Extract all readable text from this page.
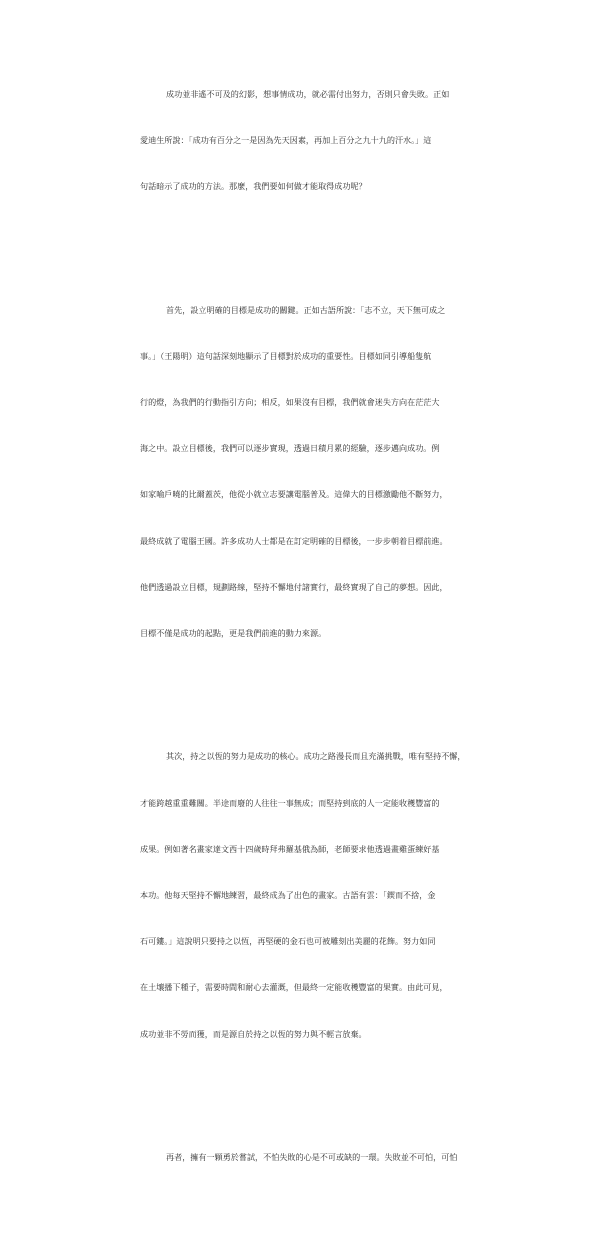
成功並非遙不可及的幻影，想事情成功，就必需付出努力，否則只會失敗。正如

愛迪生所說：「成功有百分之一是因為先天因素，再加上百分之九十九的汗水。」這

句話暗示了成功的方法。那麼，我們要如何做才能取得成功呢？

首先，設立明確的目標是成功的關鍵。正如古語所說：「志不立，天下無可成之

事。」（王陽明）這句話深刻地顯示了目標對於成功的重要性。目標如同引導船隻航

行的燈，為我們的行動指引方向；相反，如果沒有目標，我們就會迷失方向在茫茫大

海之中。設立目標後，我們可以逐步實現，透過日積月累的經驗，逐步邁向成功。例

如家喻戶曉的比爾蓋茨，他從小就立志要讓電腦普及。這偉大的目標激勵他不斷努力，

最終成就了電腦王國。許多成功人士都是在訂定明確的目標後，一步步朝着目標前進。

他們透過設立目標，規劃路線，堅持不懈地付諸實行，最終實現了自己的夢想。因此，

目標不僅是成功的起點，更是我們前進的動力來源。

其次，持之以恆的努力是成功的核心。成功之路漫長而且充滿挑戰，唯有堅持不懈，

才能跨越重重難關。半途而廢的人往往一事無成；而堅持到底的人一定能收穫豐富的

成果。例如著名畫家達文西十四歲時拜弗羅基俄為師，老師要求他透過畫雞蛋練好基

本功。他每天堅持不懈地練習，最終成為了出色的畫家。古語有雲：「鍥而不捨，金

石可鏤。」這說明只要持之以恆，再堅硬的金石也可被雕刻出美麗的花飾。努力如同

在土壤播下種子，需要時間和耐心去灌溉，但最終一定能收穫豐富的果實。由此可見，

成功並非不勞而獲，而是源自於持之以恆的努力與不輕言放棄。

再者，擁有一顆勇於嘗試，不怕失敗的心是不可或缺的一環。失敗並不可怕，可怕
